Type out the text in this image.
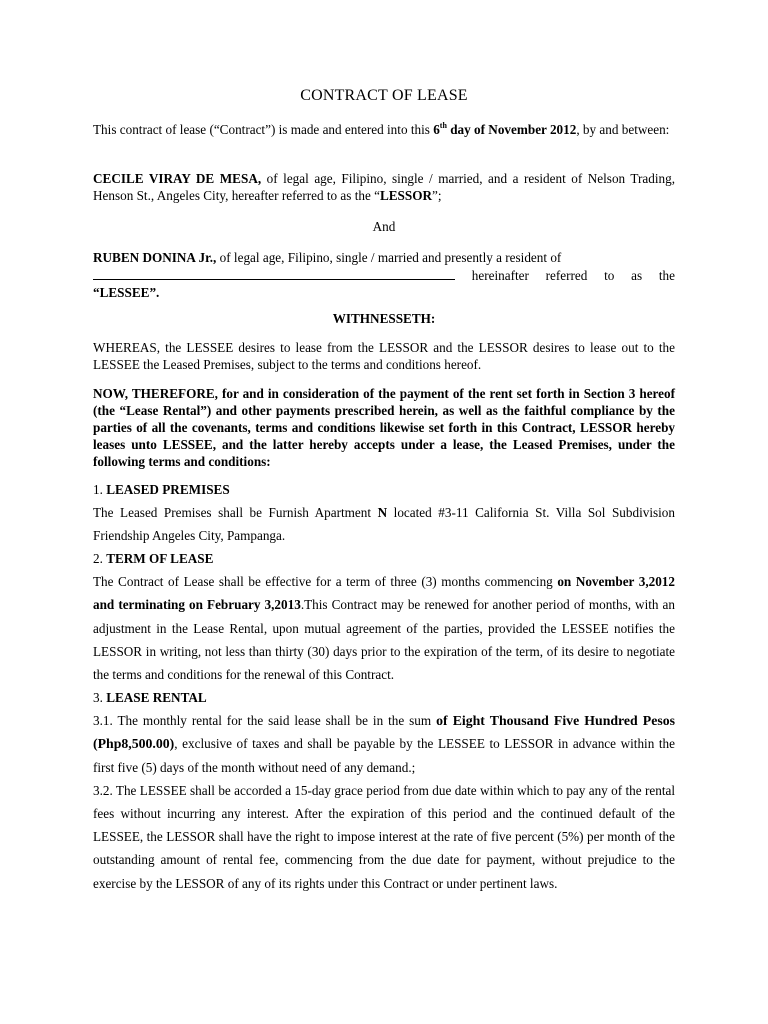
CONTRACT OF LEASE

This contract of lease (“Contract”) is made and entered into this 6th day of November 2012, by and between:

CECILE VIRAY DE MESA, of legal age, Filipino, single / married, and a resident of Nelson Trading, Henson St., Angeles City, hereafter referred to as the “LESSOR”;

And

RUBEN DONINA Jr., of legal age, Filipino, single / married and presently a resident of
hereinafter referred to as the
“LESSEE”.

WITHNESSETH:

WHEREAS, the LESSEE desires to lease from the LESSOR and the LESSOR desires to lease out to the LESSEE the Leased Premises, subject to the terms and conditions hereof.

NOW, THEREFORE, for and in consideration of the payment of the rent set forth in Section 3 hereof (the “Lease Rental”) and other payments prescribed herein, as well as the faithful compliance by the parties of all the covenants, terms and conditions likewise set forth in this Contract, LESSOR hereby leases unto LESSEE, and the latter hereby accepts under a lease, the Leased Premises, under the following terms and conditions:

1. LEASED PREMISES
The Leased Premises shall be Furnish Apartment N located #3-11 California St. Villa Sol Subdivision Friendship Angeles City, Pampanga.
2. TERM OF LEASE
The Contract of Lease shall be effective for a term of three (3) months commencing on November 3,2012 and terminating on February 3,2013.This Contract may be renewed for another period of months, with an adjustment in the Lease Rental, upon mutual agreement of the parties, provided the LESSEE notifies the LESSOR in writing, not less than thirty (30) days prior to the expiration of the term, of its desire to negotiate the terms and conditions for the renewal of this Contract.
3. LEASE RENTAL
3.1. The monthly rental for the said lease shall be in the sum of Eight Thousand Five Hundred Pesos (Php8,500.00), exclusive of taxes and shall be payable by the LESSEE to LESSOR in advance within the first five (5) days of the month without need of any demand.;
3.2. The LESSEE shall be accorded a 15-day grace period from due date within which to pay any of the rental fees without incurring any interest. After the expiration of this period and the continued default of the LESSEE, the LESSOR shall have the right to impose interest at the rate of five percent (5%) per month of the outstanding amount of rental fee, commencing from the due date for payment, without prejudice to the exercise by the LESSOR of any of its rights under this Contract or under pertinent laws.
